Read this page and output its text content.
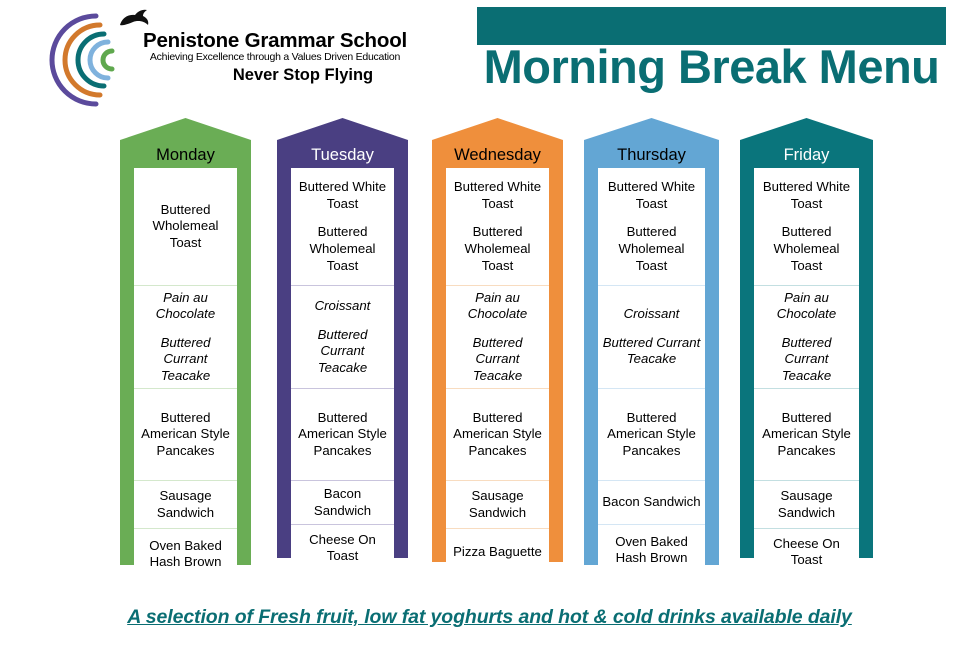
Penistone Grammar School
Achieving Excellence through a Values Driven Education
Never Stop Flying	Morning Break Menu
Monday
Buttered
Wholemeal Toast
Pain au
Chocolate
Buttered Currant
Teacake
Buttered
American Style
Pancakes
Sausage
Sandwich
Oven Baked
Hash Brown
Tuesday
Buttered White
Toast
Buttered
Wholemeal Toast
Croissant
Buttered Currant
Teacake
Buttered
American Style
Pancakes
Bacon Sandwich
Cheese On Toast
Wednesday
Buttered White
Toast
Buttered
Wholemeal Toast
Pain au
Chocolate
Buttered Currant
Teacake
Buttered
American Style
Pancakes
Sausage
Sandwich
Pizza Baguette
Thursday
Buttered White
Toast
Buttered
Wholemeal Toast
Croissant
Buttered Currant
Teacake
Buttered
American Style
Pancakes
Bacon Sandwich
Oven Baked
Hash Brown
Friday
Buttered White
Toast
Buttered
Wholemeal Toast
Pain au
Chocolate
Buttered Currant
Teacake
Buttered
American Style
Pancakes
Sausage
Sandwich
Cheese On Toast
A selection of Fresh fruit, low fat yoghurts and hot & cold drinks available daily
